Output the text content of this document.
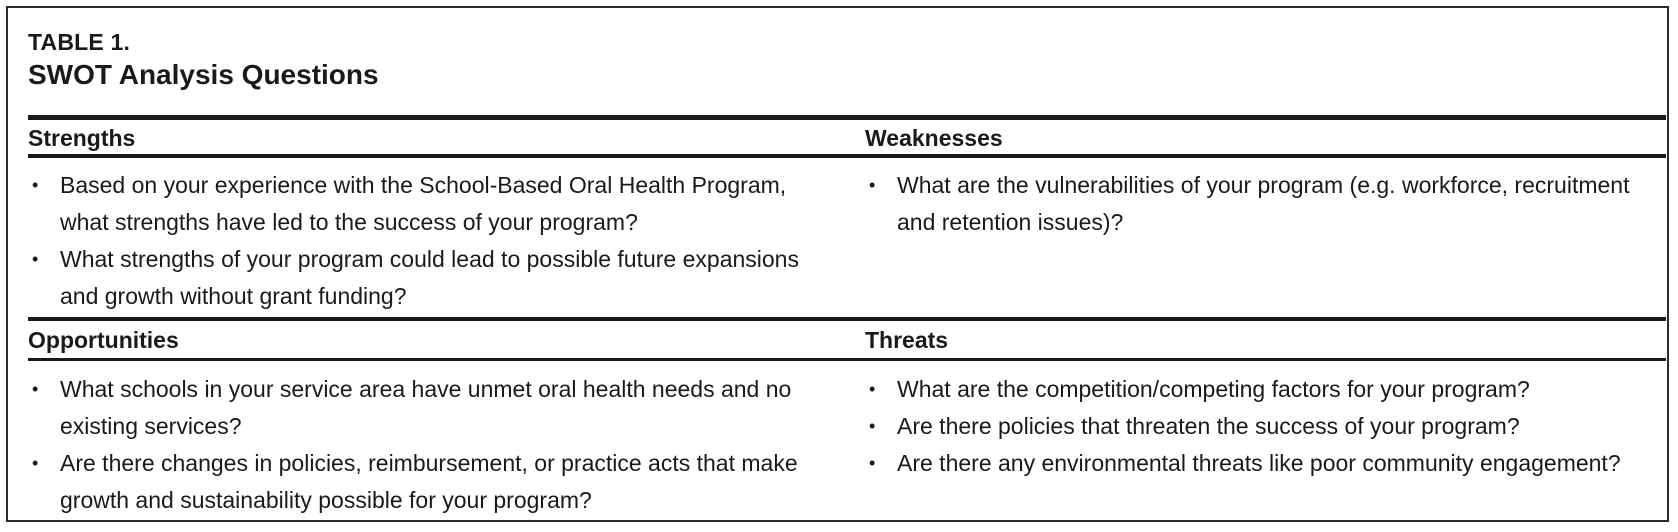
TABLE 1.
SWOT Analysis Questions
Strengths	Weaknesses
• Based on your experience with the School-Based Oral Health Program, what strengths have led to the success of your program?
• What strengths of your program could lead to possible future expansions and growth without grant funding?
• What are the vulnerabilities of your program (e.g. workforce, recruitment and retention issues)?
Opportunities	Threats
• What schools in your service area have unmet oral health needs and no existing services?
• Are there changes in policies, reimbursement, or practice acts that make growth and sustainability possible for your program?
• What are the competition/competing factors for your program?
• Are there policies that threaten the success of your program?
• Are there any environmental threats like poor community engagement?
